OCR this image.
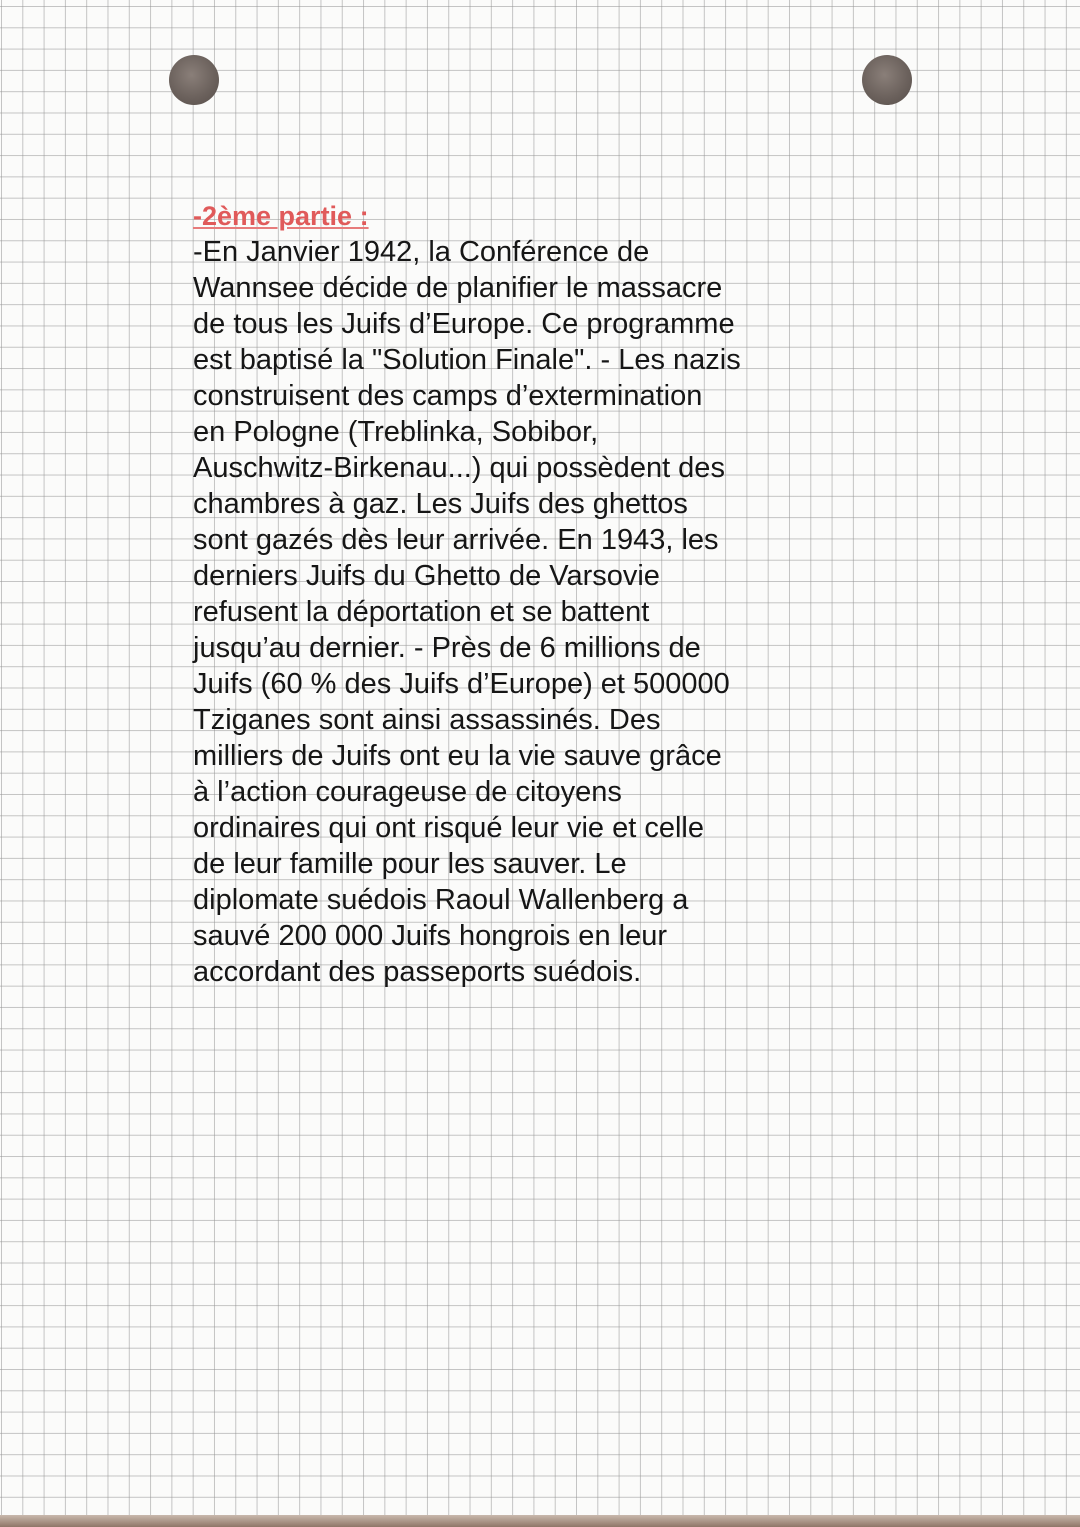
-2ème partie :
-En Janvier 1942, la Conférence de
Wannsee décide de planifier le massacre
de tous les Juifs d’Europe. Ce programme
est baptisé la "Solution Finale". - Les nazis
construisent des camps d’extermination
en Pologne (Treblinka, Sobibor,
Auschwitz-Birkenau...) qui possèdent des
chambres à gaz. Les Juifs des ghettos
sont gazés dès leur arrivée. En 1943, les
derniers Juifs du Ghetto de Varsovie
refusent la déportation et se battent
jusqu’au dernier. - Près de 6 millions de
Juifs (60 % des Juifs d’Europe) et 500000
Tziganes sont ainsi assassinés. Des
milliers de Juifs ont eu la vie sauve grâce
à l’action courageuse de citoyens
ordinaires qui ont risqué leur vie et celle
de leur famille pour les sauver. Le
diplomate suédois Raoul Wallenberg a
sauvé 200 000 Juifs hongrois en leur
accordant des passeports suédois.
